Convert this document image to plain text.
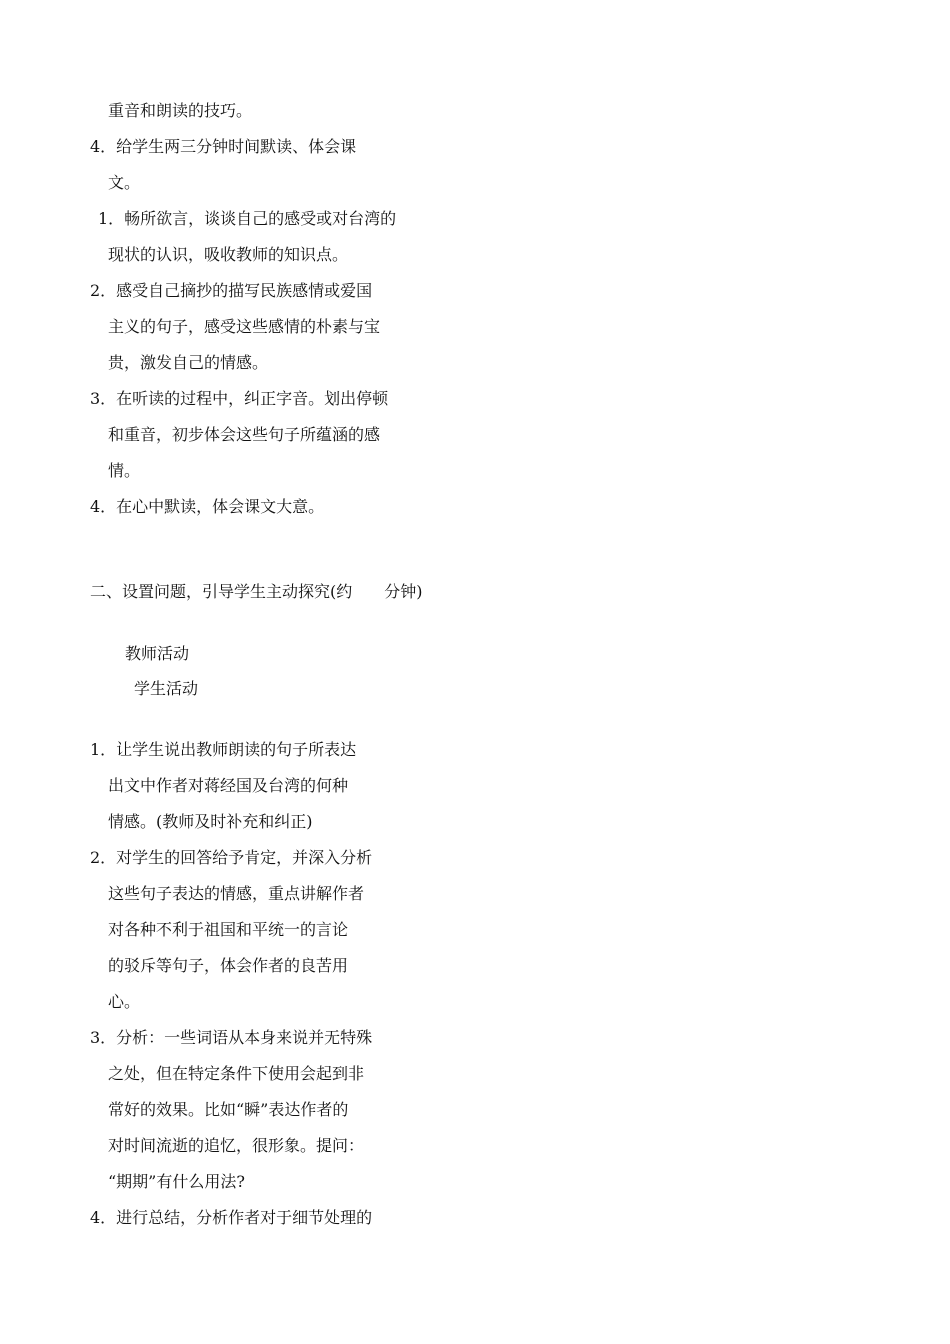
重音和朗读的技巧。
4．给学生两三分钟时间默读、体会课
文。
1．畅所欲言，谈谈自己的感受或对台湾的
现状的认识，吸收教师的知识点。
2．感受自己摘抄的描写民族感情或爱国
主义的句子，感受这些感情的朴素与宝
贵，激发自己的情感。
3．在听读的过程中，纠正字音。划出停顿
和重音，初步体会这些句子所蕴涵的感
情。
4．在心中默读，体会课文大意。
二、设置问题，引导学生主动探究(约　　分钟)
教师活动
学生活动
1．让学生说出教师朗读的句子所表达
出文中作者对蒋经国及台湾的何种
情感。(教师及时补充和纠正)
2．对学生的回答给予肯定，并深入分析
这些句子表达的情感，重点讲解作者
对各种不利于祖国和平统一的言论
的驳斥等句子，体会作者的良苦用
心。
3．分析：一些词语从本身来说并无特殊
之处，但在特定条件下使用会起到非
常好的效果。比如“瞬”表达作者的
对时间流逝的追忆，很形象。提问：
“期期”有什么用法?
4．进行总结，分析作者对于细节处理的
